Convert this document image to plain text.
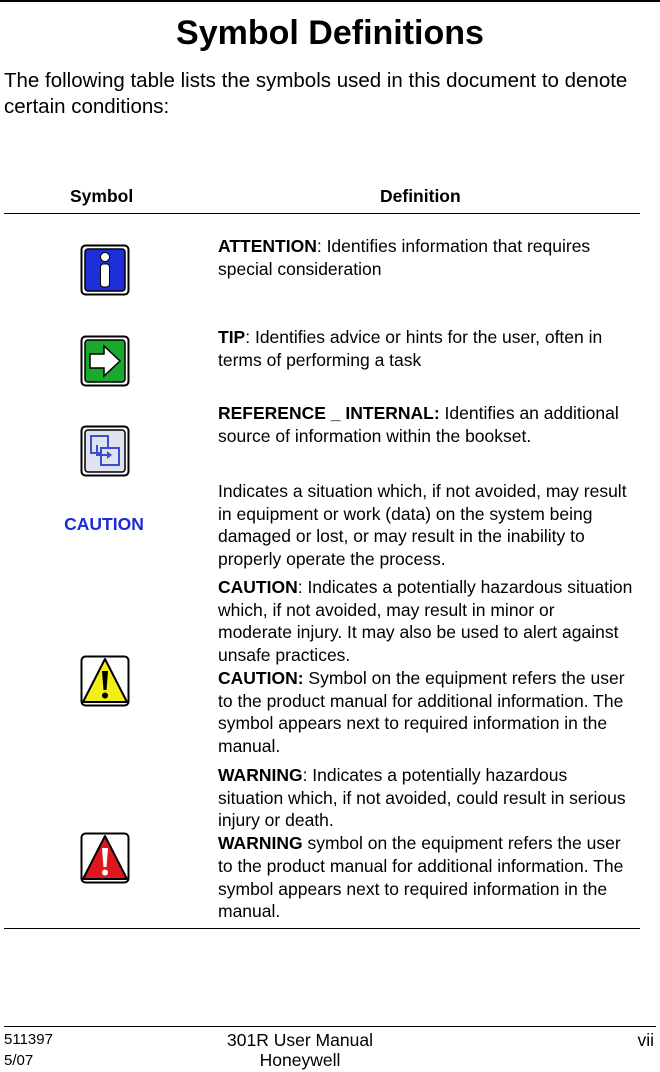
Symbol Definitions

The following table lists the symbols used in this document to denote certain conditions:

Symbol	Definition
ATTENTION: Identifies information that requires special consideration
TIP: Identifies advice or hints for the user, often in terms of performing a task
REFERENCE _ INTERNAL: Identifies an additional source of information within the bookset.
CAUTION
Indicates a situation which, if not avoided, may result in equipment or work (data) on the system being damaged or lost, or may result in the inability to properly operate the process.
CAUTION: Indicates a potentially hazardous situation which, if not avoided, may result in minor or moderate injury. It may also be used to alert against unsafe practices.
CAUTION: Symbol on the equipment refers the user to the product manual for additional information. The symbol appears next to required information in the manual.
WARNING: Indicates a potentially hazardous situation which, if not avoided, could result in serious injury or death.
WARNING symbol on the equipment refers the user to the product manual for additional information. The symbol appears next to required information in the manual.
511397
5/07
301R User Manual
Honeywell
vii
